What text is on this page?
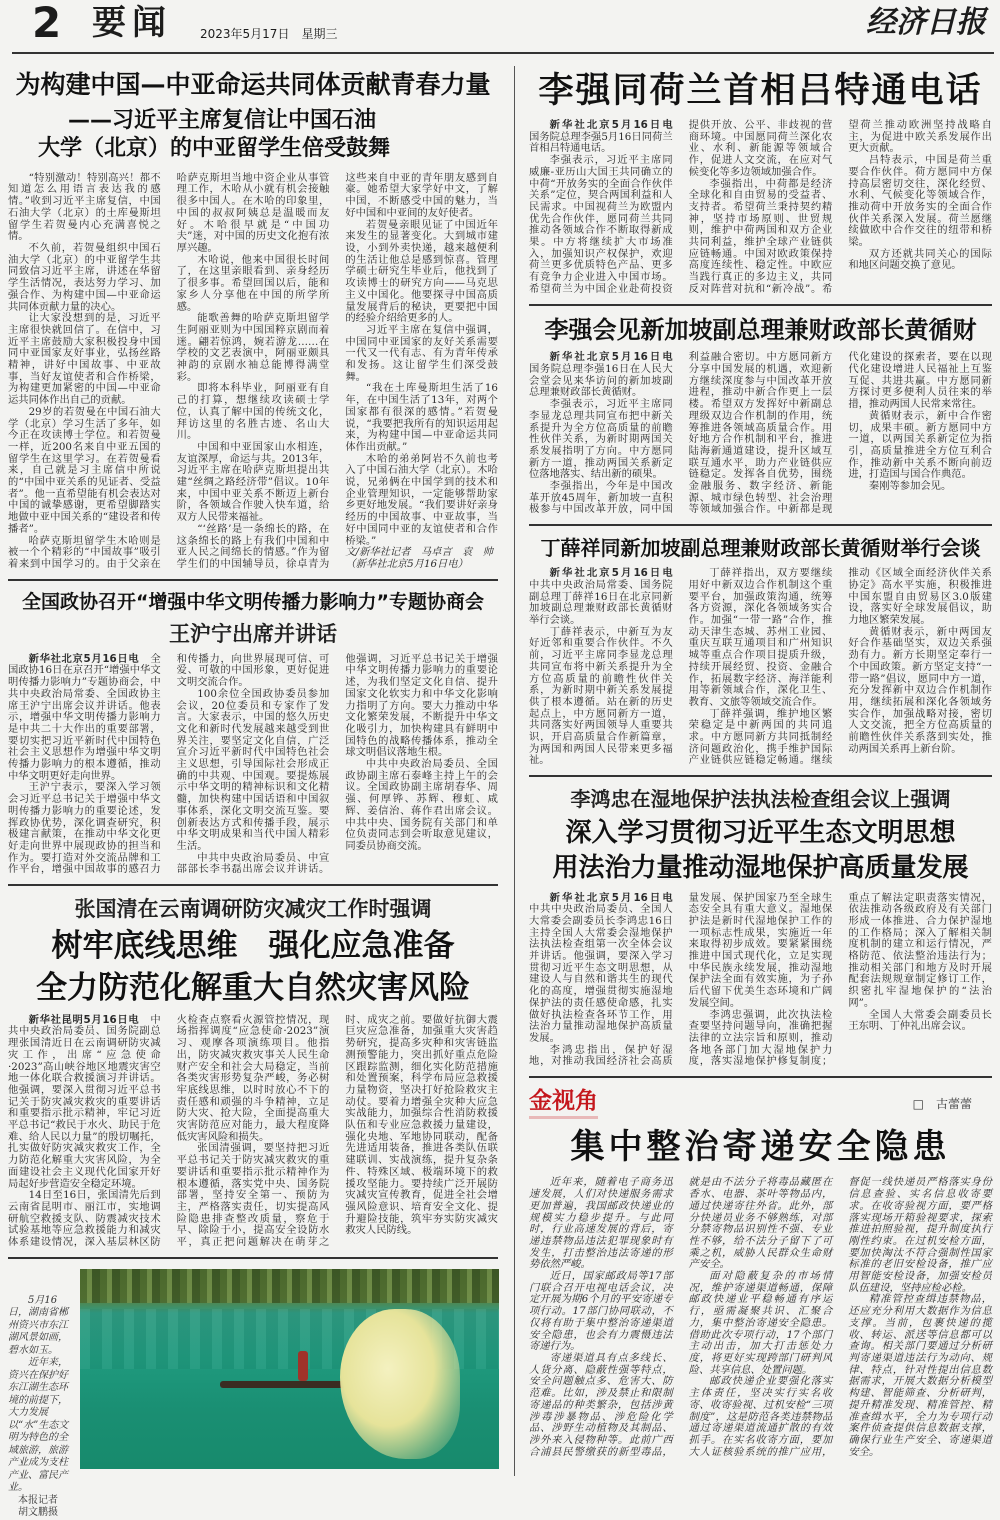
2 要闻 2023年5月17日　星期三	经济日报
为构建中国—中亚命运共同体贡献青春力量
——习近平主席复信让中国石油
大学（北京）的中亚留学生倍受鼓舞

“特别激动！特别高兴！都不知道怎么用语言表达我的感情。”收到习近平主席复信，中国石油大学（北京）的土库曼斯坦留学生若贺曼内心充满喜悦之情。

不久前，若贺曼组织中国石油大学（北京）的中亚留学生共同致信习近平主席，讲述在华留学生活情况，表达努力学习、加强合作、为构建中国—中亚命运共同体贡献力量的决心。

让大家没想到的是，习近平主席很快就回信了。在信中，习近平主席鼓励大家积极投身中国同中亚国家友好事业，弘扬丝路精神，讲好中国故事、中亚故事，当好友谊使者和合作桥梁，为构建更加紧密的中国—中亚命运共同体作出自己的贡献。

29岁的若贺曼在中国石油大学（北京）学习生活了多年，如今正在攻读博士学位。和若贺曼一样，近200名来自中亚五国的留学生在这里学习。在若贺曼看来，自己就是习主席信中所说的“中国中亚关系的见证者、受益者”。他一直希望能有机会表达对中国的诚挚感谢，更希望脚踏实地做中亚中国关系的“建设者和传播者”。

哈萨克斯坦留学生木哈则是被一个个精彩的“中国故事”吸引着来到中国学习的。由于父亲在哈萨克斯坦当地中资企业从事管理工作，木哈从小就有机会接触很多中国人。在木哈的印象里，中国的叔叔阿姨总是温暖而友好。木哈很早就是“中国功夫”迷，对中国的历史文化抱有浓厚兴趣。

木哈说，他来中国很长时间了，在这里亲眼看到、亲身经历了很多事。希望回国以后，能和家乡人分享他在中国的所学所感。

能歌善舞的哈萨克斯坦留学生阿丽亚则为中国国粹京剧而着迷。翩若惊鸿，婉若游龙……在学校的文艺表演中，阿丽亚颇具神韵的京剧水袖总能博得满堂彩。

即将本科毕业，阿丽亚有自己的打算，想继续攻读硕士学位，认真了解中国的传统文化，拜访这里的名胜古迹、名山大川。

中国和中亚国家山水相连，友谊深厚，命运与共。2013年，习近平主席在哈萨克斯坦提出共建“丝绸之路经济带”倡议。10年来，中国中亚关系不断迈上新台阶，各领域合作驶入快车道，给双方人民带来福祉。

“‘丝路’是一条绵长的路，在这条绵长的路上有我们中国和中亚人民之间绵长的情感。”作为留学生们的中国辅导员，徐卓青为这些来自中亚的青年朋友感到自豪。她希望大家学好中文，了解中国，不断感受中国的魅力，当好中国和中亚间的友好使者。

若贺曼亲眼见证了中国近年来发生的显著变化。大到城市建设，小到外卖快递，越来越便利的生活让他总是感到惊喜。管理学硕士研究生毕业后，他找到了攻读博士的研究方向——马克思主义中国化。他要探寻中国高质量发展背后的秘诀，更要把中国的经验介绍给更多的人。

习近平主席在复信中强调，中国同中亚国家的友好关系需要一代又一代有志、有为青年传承和发扬。这让留学生们深受鼓舞。

“我在土库曼斯坦生活了16年，在中国生活了13年，对两个国家都有很深的感情。”若贺曼说，“我要把我所有的知识运用起来，为构建中国—中亚命运共同体作出贡献。”

木哈的弟弟阿岩不久前也考入了中国石油大学（北京）。木哈说，兄弟俩在中国学到的技术和企业管理知识，一定能够帮助家乡更好地发展。“我们要讲好亲身经历的中国故事、中亚故事，当好中国同中亚的友谊使者和合作桥梁。”

文/新华社记者　马卓言　袁　帅

（新华社北京5月16日电）

全国政协召开“增强中华文明传播力影响力”专题协商会
王沪宁出席并讲话

新华社北京5月16日电　全国政协16日在京召开“增强中华文明传播力影响力”专题协商会，中共中央政治局常委、全国政协主席王沪宁出席会议并讲话。他表示，增强中华文明传播力影响力是中共二十大作出的重要部署，要切实把习近平新时代中国特色社会主义思想作为增强中华文明传播力影响力的根本遵循，推动中华文明更好走向世界。

王沪宁表示，要深入学习领会习近平总书记关于增强中华文明传播力影响力的重要论述，发挥政协优势，深化调查研究，积极建言献策，在推动中华文化更好走向世界中展现政协的担当和作为。要打造对外交流品牌和工作平台，增强中国故事的感召力和传播力，向世界展现可信、可爱、可敬的中国形象，更好促进文明交流合作。

100余位全国政协委员参加会议，20位委员和专家作了发言。大家表示，中国的悠久历史文化和新时代发展越来越受到世界关注，要坚定文化自信，广泛宣介习近平新时代中国特色社会主义思想，引导国际社会形成正确的中共观、中国观。要提炼展示中华文明的精神标识和文化精髓，加快构建中国话语和中国叙事体系，深化文明交流互鉴。要创新表达方式和传播手段，展示中华文明成果和当代中国人精彩生活。

中共中央政治局委员、中宣部部长李书磊出席会议并讲话。他强调，习近平总书记关于增强中华文明传播力影响力的重要论述，为我们坚定文化自信、提升国家文化软实力和中华文化影响力指明了方向。要大力推动中华文化繁荣发展，不断提升中华文化吸引力，加快构建具有鲜明中国特色的战略传播体系，推动全球文明倡议落地生根。

中共中央政治局委员、全国政协副主席石泰峰主持上午的会议。全国政协副主席胡春华、周强、何厚铧、苏辉、穆虹、咸辉、姜信治、蒋作君出席会议。中共中央、国务院有关部门和单位负责同志到会听取意见建议，同委员协商交流。

张国清在云南调研防灾减灾工作时强调
树牢底线思维　强化应急准备
全力防范化解重大自然灾害风险

新华社昆明5月16日电　中共中央政治局委员、国务院副总理张国清近日在云南调研防灾减灾工作，出席“应急使命·2023”高山峡谷地区地震灾害空地一体化联合救援演习并讲话。他强调，要深入贯彻习近平总书记关于防灾减灾救灾的重要讲话和重要指示批示精神，牢记习近平总书记“救民于水火、助民于危难、给人民以力量”的殷切嘱托，扎实做好防灾减灾救灾工作，全力防范化解重大灾害风险，为全面建设社会主义现代化国家开好局起好步营造安全稳定环境。

14日至16日，张国清先后到云南省昆明市、丽江市，实地调研航空救援支队、防震减灾技术试验基地等应急救援能力和减灾体系建设情况，深入基层林区防火检查点察看火源管控情况，现场指挥调度“应急使命·2023”演习、观摩各项演练项目。他指出，防灾减灾救灾事关人民生命财产安全和社会大局稳定，当前各类灾害形势复杂严峻，务必树牢底线思维，以时时放心不下的责任感和顽强的斗争精神，立足防大灾、抢大险，全面提高重大灾害防范应对能力，最大程度降低灾害风险和损失。

张国清强调，要坚持把习近平总书记关于防灾减灾救灾的重要讲话和重要指示批示精神作为根本遵循，落实党中央、国务院部署，坚持安全第一、预防为主，严格落实责任，切实提高风险隐患排查整改质量，察危于早、除险于小，提高安全设防水平，真正把问题解决在萌芽之时、成灾之前。要做好抗御大震巨灾应急准备，加强重大灾害趋势研究，提高多灾种和灾害链监测预警能力，突出抓好重点危险区跟踪监测，细化实化防范措施和处置预案，科学布局应急救援力量物资，坚决打好抢险救灾主动仗。要着力增强全灾种大应急实战能力，加强综合性消防救援队伍和专业应急救援力量建设，强化央地、军地协同联动，配备先进适用装备，推进各类队伍联建联训、实战演练，提升复杂条件、特殊区域、极端环境下的救援攻坚能力。要持续广泛开展防灾减灾宣传教育，促进全社会增强风险意识、培育安全文化、提升避险技能，筑牢夯实防灾减灾救灾人民防线。

5月16日，湖南省郴州资兴市东江湖风景如画，碧水如玉。

近年来，资兴在保护好东江湖生态环境的前提下，大力发展以“水”生态文明为特色的全域旅游，旅游产业成为支柱产业、富民产业。

本报记者

胡文鹏摄

李强同荷兰首相吕特通电话

新华社北京5月16日电　国务院总理李强5月16日同荷兰首相吕特通电话。

李强表示，习近平主席同威廉-亚历山大国王共同确立的中荷“开放务实的全面合作伙伴关系”定位，契合两国利益和人民需求。中国视荷兰为欧盟内优先合作伙伴，愿同荷兰共同推动各领域合作不断取得新成果。中方将继续扩大市场准入，加强知识产权保护，欢迎荷兰更多优质特色产品、更多有竞争力企业进入中国市场。希望荷兰为中国企业赴荷投资提供开放、公平、非歧视的营商环境。中国愿同荷兰深化农业、水利、新能源等领域合作，促进人文交流，在应对气候变化等多边领域加强合作。

李强指出，中荷都是经济全球化和自由贸易的受益者、支持者。希望荷兰秉持契约精神，坚持市场原则、世贸规则，维护中荷两国和双方企业共同利益，维护全球产业链供应链畅通。中国对欧政策保持高度连续性、稳定性。中欧应当践行真正的多边主义，共同反对阵营对抗和“新冷战”。希望荷兰推动欧洲坚持战略自主，为促进中欧关系发展作出更大贡献。

吕特表示，中国是荷兰重要合作伙伴。荷方愿同中方保持高层密切交往，深化经贸、水利、气候变化等领域合作，推动荷中开放务实的全面合作伙伴关系深入发展。荷兰愿继续做欧中合作交往的纽带和桥梁。

双方还就共同关心的国际和地区问题交换了意见。

李强会见新加坡副总理兼财政部长黄循财

新华社北京5月16日电　国务院总理李强16日在人民大会堂会见来华访问的新加坡副总理兼财政部长黄循财。

李强表示，习近平主席同李显龙总理共同宣布把中新关系提升为全方位高质量的前瞻性伙伴关系，为新时期两国关系发展指明了方向。中方愿同新方一道，推动两国关系新定位落地落实、结出新的硕果。

李强指出，今年是中国改革开放45周年，新加坡一直积极参与中国改革开放，同中国利益融合密切。中方愿同新方分享中国发展的机遇，欢迎新方继续深度参与中国改革开放进程，推动中新合作更上一层楼。希望双方发挥好中新副总理级双边合作机制的作用，统筹推进各领域高质量合作。用好地方合作机制和平台，推进陆海新通道建设，提升区域互联互通水平，助力产业链供应链稳定。发挥各自优势，围绕金融服务、数字经济、新能源、城市绿色转型、社会治理等领域加强合作。中新都是现代化建设的探索者，要在以现代化建设增进人民福祉上互鉴互促、共进共赢。中方愿同新方探讨更多便利人员往来的举措，推动两国人民常来常往。

黄循财表示，新中合作密切，成果丰硕。新方愿同中方一道，以两国关系新定位为指引，高质量推进全方位互利合作，推动新中关系不断向前迈进，打造国与国合作典范。

秦刚等参加会见。

丁薛祥同新加坡副总理兼财政部长黄循财举行会谈

新华社北京5月16日电　中共中央政治局常委、国务院副总理丁薛祥16日在北京同新加坡副总理兼财政部长黄循财举行会谈。

丁薛祥表示，中新互为友好近邻和重要合作伙伴。不久前，习近平主席同李显龙总理共同宣布将中新关系提升为全方位高质量的前瞻性伙伴关系，为新时期中新关系发展提供了根本遵循。站在新的历史起点上，中方愿同新方一道，共同落实好两国领导人重要共识，开启高质量合作新篇章，为两国和两国人民带来更多福祉。

丁薛祥指出，双方要继续用好中新双边合作机制这个重要平台，加强政策沟通，统筹各方资源，深化各领域务实合作。加强“一带一路”合作，推动天津生态城、苏州工业园、重庆互联互通项目和广州知识城等重点合作项目提质升级，持续开展经贸、投资、金融合作，拓展数字经济、海洋能利用等新领域合作，深化卫生、教育、文旅等领域交流合作。

丁薛祥强调，维护地区繁荣稳定是中新两国的共同追求。中方愿同新方共同抵制经济问题政治化，携手维护国际产业链供应链稳定畅通。继续推动《区域全面经济伙伴关系协定》高水平实施，积极推进中国东盟自由贸易区3.0版建设，落实好全球发展倡议，助力地区繁荣发展。

黄循财表示，新中两国友好合作基础坚实，双边关系强劲有力。新方长期坚定奉行一个中国政策。新方坚定支持“一带一路”倡议，愿同中方一道，充分发挥新中双边合作机制作用，继续拓展和深化各领域务实合作，加强战略对接，密切人文交流，把全方位高质量的前瞻性伙伴关系落到实处，推动两国关系再上新台阶。

李鸿忠在湿地保护法执法检查组会议上强调
深入学习贯彻习近平生态文明思想
用法治力量推动湿地保护高质量发展

新华社北京5月16日电　中共中央政治局委员、全国人大常委会副委员长李鸿忠16日主持全国人大常委会湿地保护法执法检查组第一次全体会议并讲话。他强调，要深入学习贯彻习近平生态文明思想，从建设人与自然和谐共生的现代化的高度，增强贯彻实施湿地保护法的责任感使命感，扎实做好执法检查各环节工作，用法治力量推动湿地保护高质量发展。

李鸿忠指出，保护好湿地，对推动我国经济社会高质量发展、保护国家乃至全球生态安全具有重大意义。湿地保护法是新时代湿地保护工作的一项标志性成果，实施近一年来取得初步成效。要紧紧围绕推进中国式现代化，立足实现中华民族永续发展，推动湿地保护法全面有效实施，为子孙后代留下优美生态环境和广阔发展空间。

李鸿忠强调，此次执法检查要坚持问题导向，准确把握法律的立法宗旨和原则，推动各地各部门加大湿地保护力度，落实湿地保护修复制度；重点了解法定职责落实情况，依法推动各级政府及有关部门形成一体推进、合力保护湿地的工作格局；深入了解相关制度机制的建立和运行情况，严格防范、依法整治违法行为；推动相关部门和地方及时开展配套法规规章制定修订工作，织密扎牢湿地保护的“法治网”。

全国人大常委会副委员长王东明、丁仲礼出席会议。

金视角	□　古蕾蕾
集中整治寄递安全隐患

近年来，随着电子商务迅速发展，人们对快递服务需求更加普遍，我国邮政快递业的规模实力稳步提升。与此同时，行业高速发展的背后，寄递违禁物品违法犯罪现象时有发生，打击整治违法寄递的形势依然严峻。

近日，国家邮政局等17部门联合召开电视电话会议，决定开展为期6个月的平安寄递专项行动。17部门协同联动，不仅将有助于集中整治寄递渠道安全隐患，也会有力震慑违法寄递行为。

寄递渠道具有点多线长、人货分离、隐蔽性强等特点，安全问题触点多、危害大、防范难。比如，涉及禁止和限制寄递品的种类繁杂，包括涉黄涉毒涉暴物品、涉危险化学品、涉野生动植物及其制品、涉外来入侵物种等。此前广西合浦县民警缴获的新型毒品，就是由不法分子将毒品藏匿在香水、电器、茶叶等物品内，通过快递寄往外省。此外，部分快递员业务不够熟练，对部分禁寄物品识别性不强、专业性不够，给不法分子留下了可乘之机，威胁人民群众生命财产安全。

面对隐蔽复杂的市场情况，维护寄递渠道畅通，保障邮政快递业平稳畅通有序运行，亟需凝聚共识、汇聚合力，集中整治寄递安全隐患。借助此次专项行动，17个部门主动出击，加大打击惩处力度，将更好实现跨部门研判风险、共享信息、处置问题。

邮政快递企业要强化落实主体责任，坚决实行实名收寄、收寄验视、过机安检“三项制度”，这是防范各类违禁物品通过寄递渠道流通扩散的有效抓手。在实名收寄方面，要加大人证核验系统的推广应用，督促一线快递员严格落实身份信息查验、实名信息收寄要求。在收寄验视方面，要严格落实现场开箱验视要求，探索推进拍照验视，提升制度执行刚性约束。在过机安检方面，要加快淘汰不符合强制性国家标准的老旧安检设备，推广应用智能安检设备，加强安检员队伍建设，坚持应检必检。

精准管控查缉违禁物品，还应充分利用大数据作为信息支撑。当前，包裹快递的揽收、转运、派送等信息都可以查询。相关部门要通过分析研判寄递渠道违法行为动向、规律、特点，针对性提出信息数据需求，开展大数据分析模型构建、智能筛查、分析研判，提升精准发现、精准管控、精准查缉水平，全力为专项行动案件侦查提供信息数据支撑，确保行业生产安全、寄递渠道安全。
